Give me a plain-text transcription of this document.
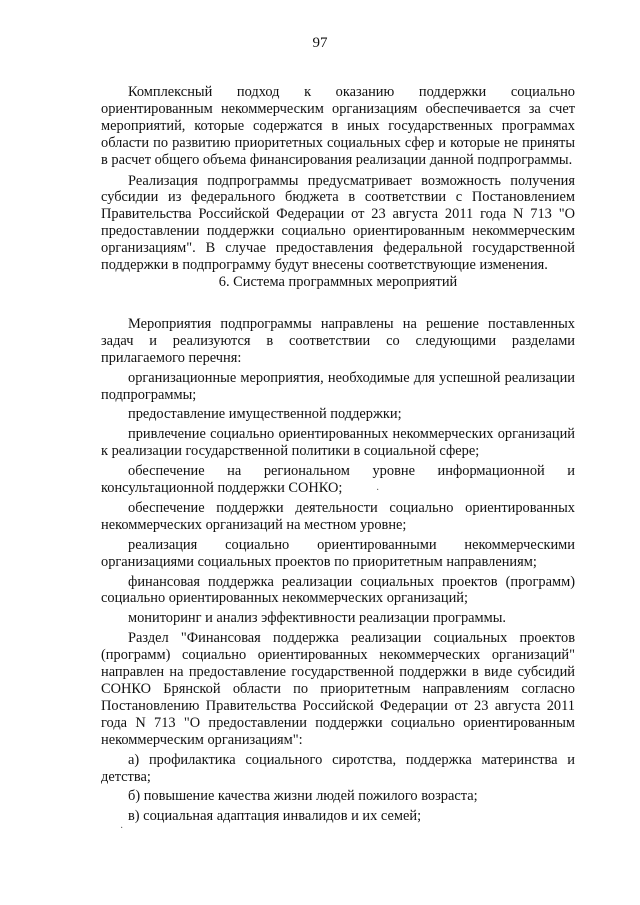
97

Комплексный подход к оказанию поддержки социально ориентированным некоммерческим организациям обеспечивается за счет мероприятий, которые содержатся в иных государственных программах области по развитию приоритетных социальных сфер и которые не приняты в расчет общего объема финансирования реализации данной подпрограммы.

Реализация подпрограммы предусматривает возможность получения субсидии из федерального бюджета в соответствии с Постановлением Правительства Российской Федерации от 23 августа 2011 года N 713 "О предоставлении поддержки социально ориентированным некоммерческим организациям". В случае предоставления федеральной государственной поддержки в подпрограмму будут внесены соответствующие изменения.

6. Система программных мероприятий

Мероприятия подпрограммы направлены на решение поставленных задач и реализуются в соответствии со следующими разделами прилагаемого перечня:

организационные мероприятия, необходимые для успешной реализации подпрограммы;

предоставление имущественной поддержки;

привлечение социально ориентированных некоммерческих организаций к реализации государственной политики в социальной сфере;

обеспечение на региональном уровне информационной и консультационной поддержки СОНКО;

обеспечение поддержки деятельности социально ориентированных некоммерческих организаций на местном уровне;

реализация социально ориентированными некоммерческими организациями социальных проектов по приоритетным направлениям;

финансовая поддержка реализации социальных проектов (программ) социально ориентированных некоммерческих организаций;

мониторинг и анализ эффективности реализации программы.

Раздел "Финансовая поддержка реализации социальных проектов (программ) социально ориентированных некоммерческих организаций" направлен на предоставление государственной поддержки в виде субсидий СОНКО Брянской области по приоритетным направлениям согласно Постановлению Правительства Российской Федерации от 23 августа 2011 года N 713 "О предоставлении поддержки социально ориентированным некоммерческим организациям":

а) профилактика социального сиротства, поддержка материнства и детства;

б) повышение качества жизни людей пожилого возраста;

в) социальная адаптация инвалидов и их семей;

·
·
